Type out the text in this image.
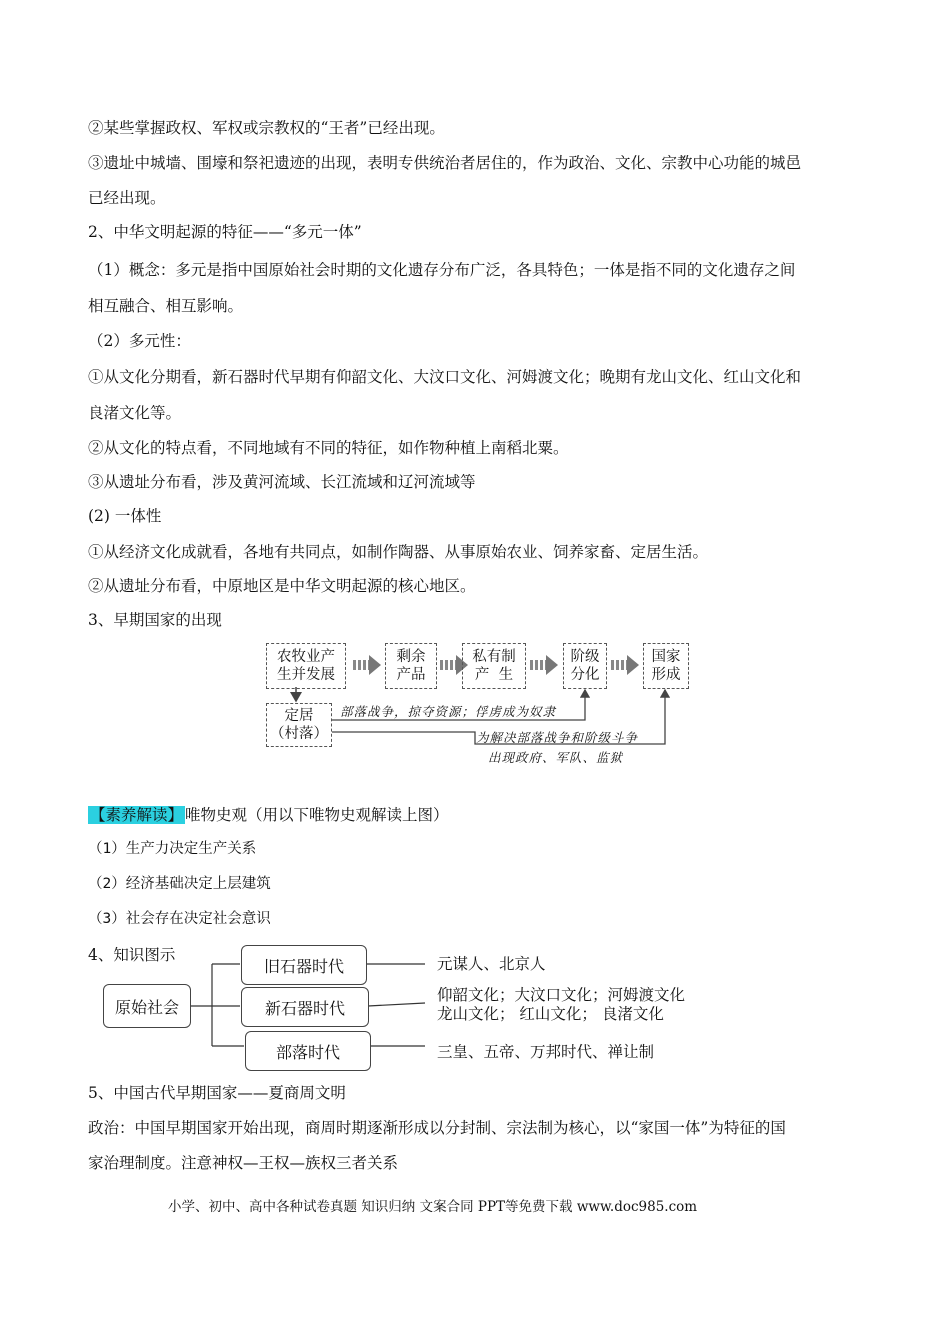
②某些掌握政权、军权或宗教权的“王者”已经出现。
③遗址中城墙、围壕和祭祀遗迹的出现，表明专供统治者居住的，作为政治、文化、宗教中心功能的城邑
已经出现。
2、中华文明起源的特征——“多元一体”
（1）概念：多元是指中国原始社会时期的文化遗存分布广泛，各具特色；一体是指不同的文化遗存之间
相互融合、相互影响。
（2）多元性：
①从文化分期看，新石器时代早期有仰韶文化、大汶口文化、河姆渡文化；晚期有龙山文化、红山文化和
良渚文化等。
②从文化的特点看，不同地域有不同的特征，如作物种植上南稻北粟。
③从遗址分布看，涉及黄河流域、长江流域和辽河流域等
(2) 一体性
①从经济文化成就看，各地有共同点，如制作陶器、从事原始农业、饲养家畜、定居生活。
②从遗址分布看，中原地区是中华文明起源的核心地区。
3、早期国家的出现
农牧业产
生并发展
剩余
产品
私有制
产  生
阶级
分化
国家
形成
定居
（村落）
部落战争，掠夺资源；俘虏成为奴隶
为解决部落战争和阶级斗争
出现政府、军队、监狱
【素养解读】 唯物史观（用以下唯物史观解读上图）
（1）生产力决定生产关系
（2）经济基础决定上层建筑
（3）社会存在决定社会意识
4、知识图示
原始社会
旧石器时代
新石器时代
部落时代
元谋人、北京人
仰韶文化；大汶口文化；河姆渡文化
龙山文化； 红山文化； 良渚文化
三皇、五帝、万邦时代、禅让制
5、中国古代早期国家——夏商周文明
政治：中国早期国家开始出现，商周时期逐渐形成以分封制、宗法制为核心，以“家国一体”为特征的国
家治理制度。注意神权—王权—族权三者关系
小学、初中、高中各种试卷真题 知识归纳 文案合同 PPT等免费下载 www.doc985.com
